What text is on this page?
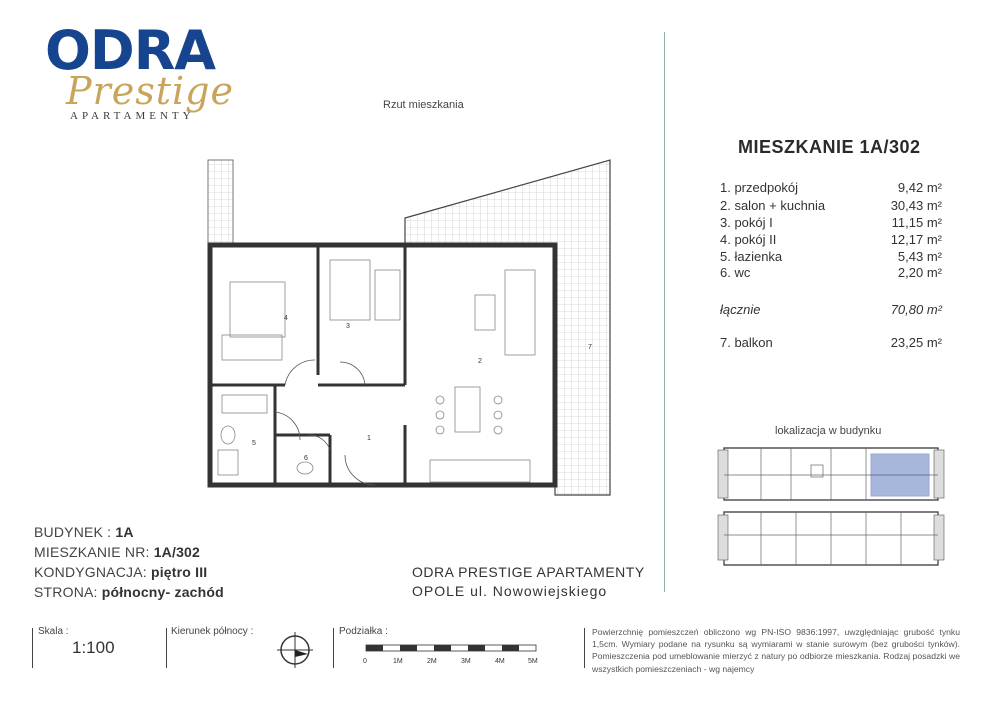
ODRA
Prestige
APARTAMENTY
Rzut mieszkania
4
3
2
1
5
6
7
MIESZKANIE 1A/302
1. przedpokój	9,42 m²
2. salon + kuchnia	30,43 m²
3. pokój I	11,15 m²
4. pokój II	12,17 m²
5. łazienka	5,43 m²
6. wc	2,20 m²
łącznie	70,80 m²
7. balkon	23,25 m²
lokalizacja w budynku
BUDYNEK : 1A
MIESZKANIE NR: 1A/302
KONDYGNACJA: piętro III
STRONA: północny- zachód
ODRA PRESTIGE APARTAMENTY
OPOLE ul. Nowowiejskiego
Skala :
1:100
Kierunek północy :	Podziałka :
0	1M	2M	3M	4M	5M
Powierzchnię pomieszczeń obliczono wg PN-ISO 9836:1997, uwzględniając grubość tynku 1,5cm. Wymiary podane na rysunku są wymiarami w stanie surowym (bez grubości tynków). Pomieszczenia pod umeblowanie mierzyć z natury po odbiorze mieszkania. Rodzaj posadzki we wszystkich pomieszczeniach - wg najemcy
